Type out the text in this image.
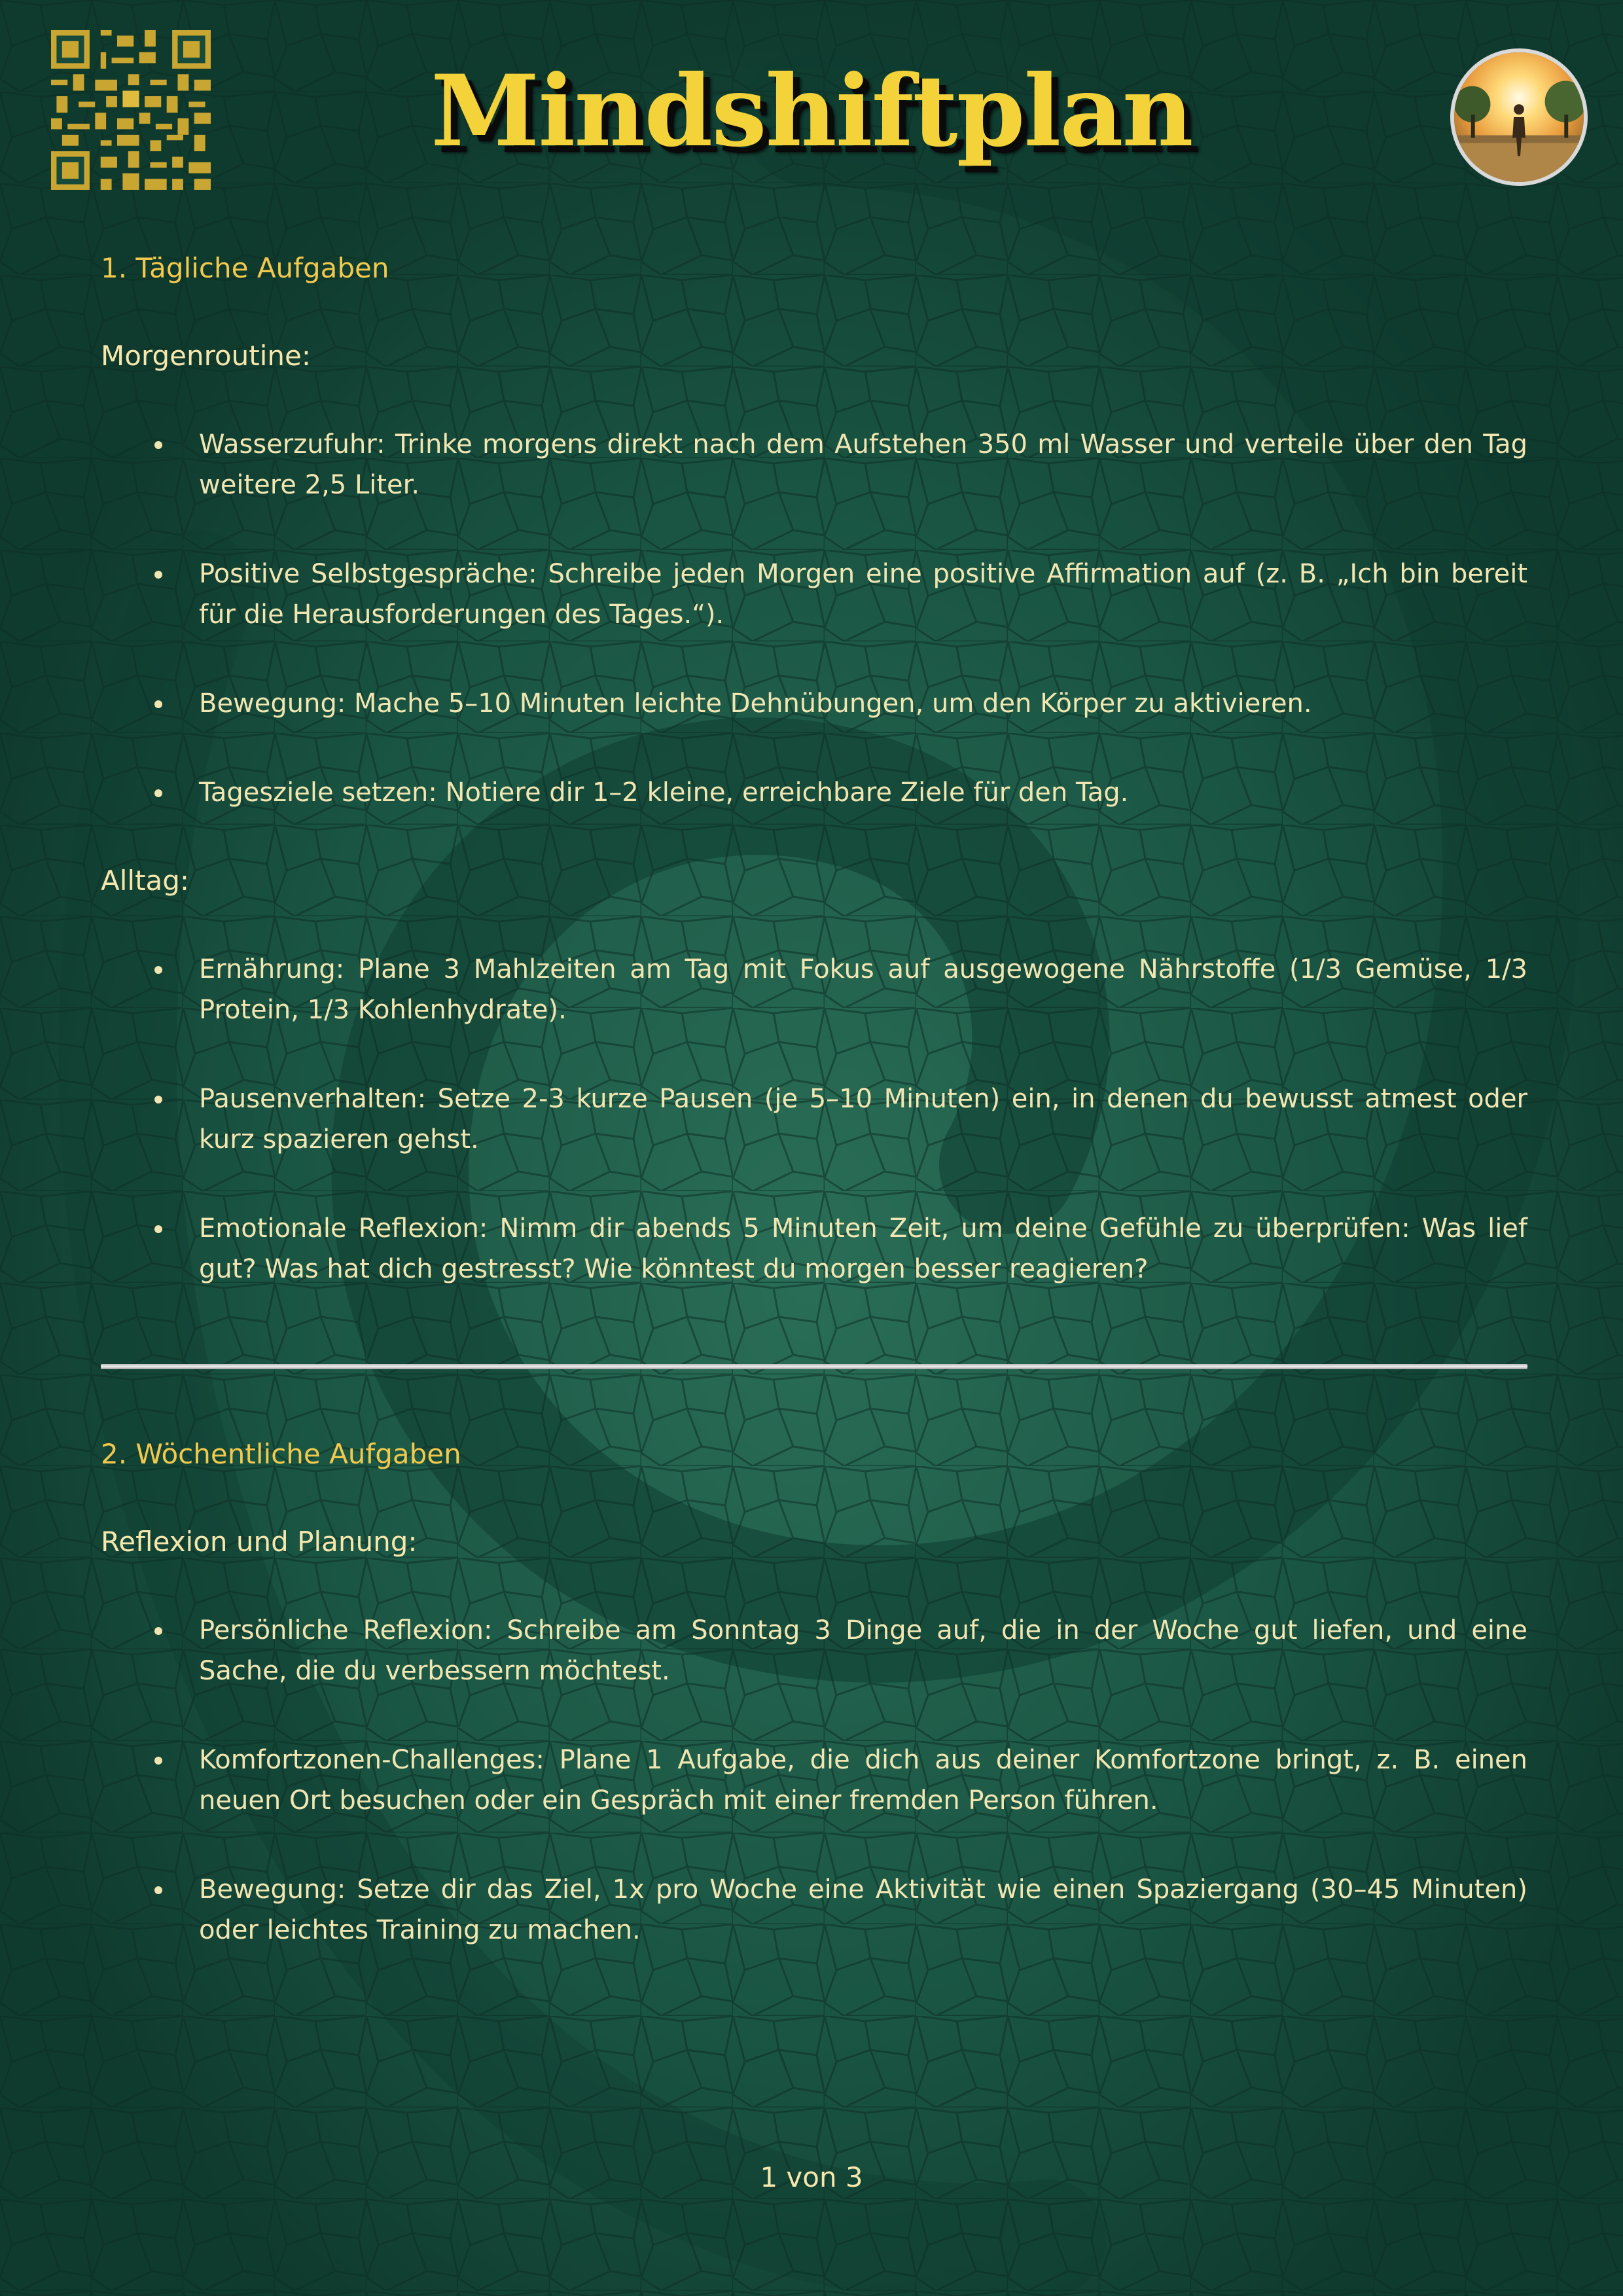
Mindshiftplan
1. Tägliche Aufgaben
Morgenroutine:
Wasserzufuhr: Trinke morgens direkt nach dem Aufstehen 350 ml Wasser und verteile über den Tag weitere 2,5 Liter.
Positive Selbstgespräche: Schreibe jeden Morgen eine positive Affirmation auf (z. B. „Ich bin bereit für die Herausforderungen des Tages.“).
Bewegung: Mache 5–10 Minuten leichte Dehnübungen, um den Körper zu aktivieren.
Tagesziele setzen: Notiere dir 1–2 kleine, erreichbare Ziele für den Tag.
Alltag:
Ernährung: Plane 3 Mahlzeiten am Tag mit Fokus auf ausgewogene Nährstoffe (1/3 Gemüse, 1/3 Protein, 1/3 Kohlenhydrate).
Pausenverhalten: Setze 2-3 kurze Pausen (je 5–10 Minuten) ein, in denen du bewusst atmest oder kurz spazieren gehst.
Emotionale Reflexion: Nimm dir abends 5 Minuten Zeit, um deine Gefühle zu überprüfen: Was lief gut? Was hat dich gestresst? Wie könntest du morgen besser reagieren?
2. Wöchentliche Aufgaben
Reflexion und Planung:
Persönliche Reflexion: Schreibe am Sonntag 3 Dinge auf, die in der Woche gut liefen, und eine Sache, die du verbessern möchtest.
Komfortzonen-Challenges: Plane 1 Aufgabe, die dich aus deiner Komfortzone bringt, z. B. einen neuen Ort besuchen oder ein Gespräch mit einer fremden Person führen.
Bewegung: Setze dir das Ziel, 1x pro Woche eine Aktivität wie einen Spaziergang (30–45 Minuten) oder leichtes Training zu machen.
1 von 3
